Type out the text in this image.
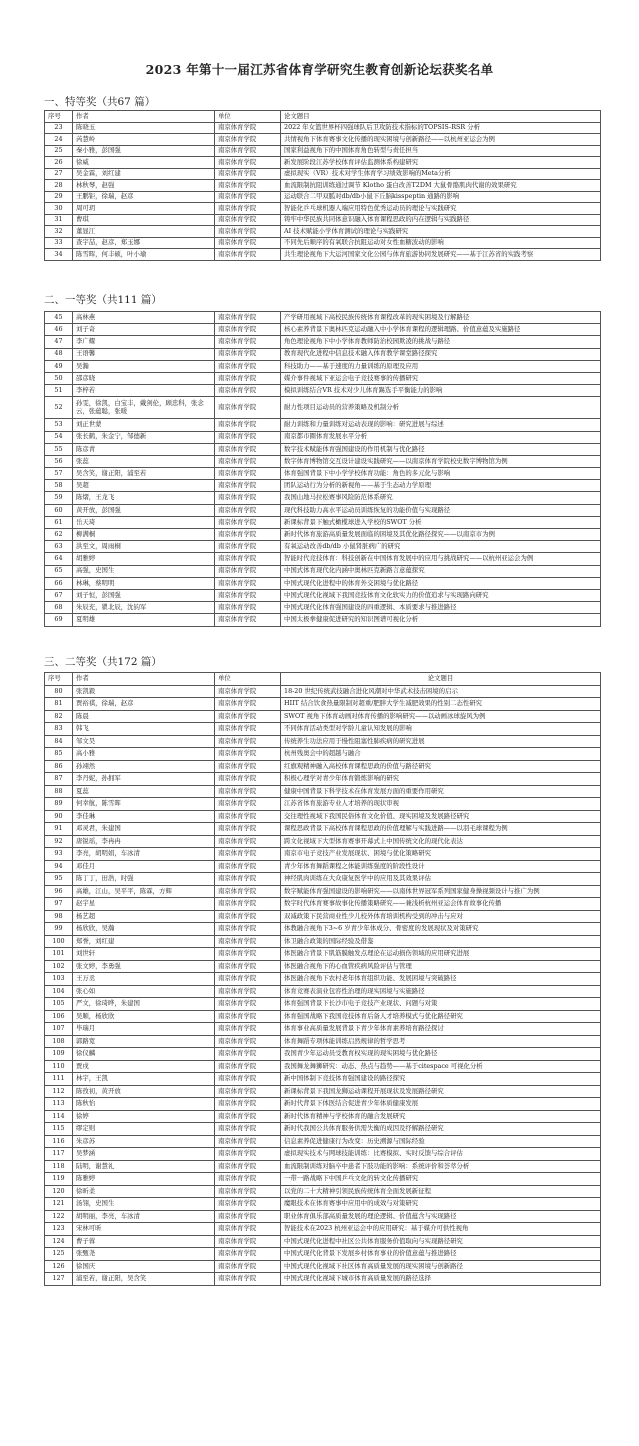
2023 年第十一届江苏省体育学研究生教育创新论坛获奖名单
一、特等奖（共67 篇）
序号	作者	单位	论文题目
23	陈晓玉	南京体育学院	2022 年女篮世界杯四强球队后卫攻防技术指标的TOPSIS-RSR 分析
24	芮慧岭	南京体育学院	共情视角下体育赛事文化传播的现实困境与创新路径——以杭州亚运会为例
25	秦小雅，彭国强	南京体育学院	国家利益视角下的中国体育角色转型与责任担当
26	徐威	南京体育学院	新发展阶段江苏学校体育评估监测体系构建研究
27	吴金霖，刘红建	南京体育学院	虚拟现实（VR）技术对学生体育学习绩效影响的Meta分析
28	林秋琴，赵强	南京体育学院	血流限制抗阻训练通过调节 Klotho 蛋白改善T2DM 大鼠骨骼肌肉代谢的效果研究
29	王鹏钜，徐瑞，赵彦	南京体育学院	运动联合二甲双胍对db/db小鼠下丘脑kisspeptin 通路的影响
30	周可玥	南京体育学院	智能化乒乓球机器人端应用特色优秀运动员的理论与实践研究
31	曹琪	南京体育学院	铸牢中华民族共同体意识融入体育课程思政的内在逻辑与实践路径
32	董显江	南京体育学院	AI 技术赋能小学体育测试的理论与实践研究
33	查宇喆，赵彦，郑玉娜	南京体育学院	不同先后顺序的有氧联合抗阻运动对女性血糖波动的影响
34	陈雪晖，何丰硕，叶小瑜	南京体育学院	共生理论视角下大运河国家文化公园与体育旅游协同发展研究——基于江苏省的实践考察
二、一等奖（共111 篇）
45	高林燕	南京体育学院	产学研用视域下高校民族传统体育课程改革的现实困境及行解路径
46	刘子奇	南京体育学院	核心素养背景下奥林匹克运动融入中小学体育课程的逻辑理路、价值意蕴及实施路径
47	李广耀	南京体育学院	角色理论视角下中小学体育教师防治校园欺凌的挑战与路径
48	王语馨	南京体育学院	教育现代化进程中信息技术融入体育教学课堂路径探究
49	吴瀚	南京体育学院	科技助力——基于速度的力量训练的原理及应用
50	邵彦晓	南京体育学院	媒介事件视域下亚运会电子竞技赛事的传播研究
51	李梓若	南京体育学院	模拟训练结合VR 技术对少儿体育踢选手平衡能力的影响
52	孙雯，徐凯，白宝丰，戴剑伦，顾忠科，张念云，张蕴聪，张暖	南京体育学院	耐力性项目运动员的营养策略及机制分析
53	刘正世蒙	南京体育学院	耐力训练和力量训练对运动表现的影响：研究进展与综述
54	张长鹤，朱金宁，邹德新	南京体育学院	南京都市圈体育发展水平分析
55	陈彦青	南京体育学院	数字技术赋能体育强国建设的作用机制与优化路径
56	张蕊	南京体育学院	数字体育博物馆交互设计建设实践研究——以南京体育学院校史数字博物馆为例
57	吴含笑，谢正阳，浦至若	南京体育学院	体育强国背景下中小学学校体育功能：角色的多元化与影响
58	吴超	南京体育学院	团队运动行为分析的新视角——基于生态动力学原理
59	陈熠，王龙飞	南京体育学院	我国山地马拉松赛事风险防范体系研究
60	黄开放，彭国强	南京体育学院	现代科技助力高水平运动员训练恢复的功能价值与实现路径
61	岳天琦	南京体育学院	新课标背景下触式橄榄球进入学校的SWOT 分析
62	柳满桐	南京体育学院	新时代体育旅游高质量发展面临的困境及其优化路径探究——以南京市为例
63	洪至文，周雨桐	南京体育学院	有氧运动改善db/db 小鼠肾脏病广的研究
64	胡雅婷	南京体育学院	智能时代竞技体育：科技创新在中国体育发展中的应用与挑战研究——以杭州亚运会为例
65	高强，史国生	南京体育学院	中国式体育现代化内涵中奥林匹克新路言意蕴探究
66	林琳，蔡明明	南京体育学院	中国式现代化进程中的体育外交困境与优化路径
67	刘子恒，彭国强	南京体育学院	中国式现代化视域下我国竞技体育文化软实力的价值追求与实现路向研究
68	朱辰充，瞿北辰，沈钧军	南京体育学院	中国式现代化体育强国建设的四重逻辑、本质要求与推进路径
69	夏明雄	南京体育学院	中国太极拳健康促进研究的知识图谱可视化分析
三、二等奖（共172 篇）
序号	作者	单位	论文题目
80	张凯毅	南京体育学院	18-20 世纪传统武技融合进化风潮对中华武术技击困境的启示
81	贾裕祺，徐瑞，赵彦	南京体育学院	HIIT 结合饮食热量限制对超重/肥胖大学生减肥效果的性别二态性研究
82	陈晨	南京体育学院	SWOT 视角下体育动画对体育传播的影响研究——以动画冰球旋风为例
83	韩飞	南京体育学院	不同体育活动类型对学龄儿童认知发展的影响
84	邹文昊	南京体育学院	传统养生功法应用于慢性阻塞性肺疾病的研究进展
85	高小雅	南京体育学院	杭州残奥会中的超越与融合
86	孙翊然	南京体育学院	红旗观精神融入高校体育课程思政的价值与路径研究
87	李丹妮，孙拥军	南京体育学院	积极心理学对青少年体育锻炼影响的研究
88	夏蕊	南京体育学院	健康中国背景下科学技术在体育发展方面的重要作用研究
89	何幸航，陈雪晖	南京体育学院	江苏省体育旅游专业人才培养的现状审视
90	李佳琳	南京体育学院	交往理性视域下我国民俗体育文化价值、现实困境及发展路径研究
91	邓灵君，朱建国	南京体育学院	课程思政背景下高校体育课程思政的价值理解与实践进路——以羽毛球课程为例
92	唐锐瑶，李冉冉	南京体育学院	跨文化视域下大型体育赛事开幕式上中国传统文化的现代化表达
93	李亮，胡明娟，车冰清	南京体育学院	南京市电子竞技产业发展现状、困境与优化策略研究
94	邓佳月	南京体育学院	青少年体育舞蹈课程之体能训练强度的阶段性设计
95	陈丁丁，田浩，时强	南京体育学院	神经肌肉训练在大众康复医学中的应用及其效果评估
96	高雄，江山，吴平平，陈霖，方辉	南京体育学院	数字赋能体育强国建设的影响研究——以南体世界冠军系列国家健身操视频设计与推广为例
97	赵宇星	南京体育学院	数字时代体育赛事故事化传播策略研究——兼浅析杭州亚运会体育故事化传播
98	杨艺超	南京体育学院	双减政策下民营商业性少儿校外体育培训机构受到的冲击与应对
99	杨欣欣，吴瀚	南京体育学院	体教融合视角下3~6 岁青少年体成分、骨密度的发展现状及对策研究
100	郑誉，刘红建	南京体育学院	体卫融合政策的国际经验及借鉴
101	刘世轩	南京体育学院	体医融合背景下肌筋膜触发点理论在运动损伤领域的应用研究进展
102	张文婷，李勇强	南京体育学院	体医融合视角下的心血管疾病风险评估与管理
103	王万丞	南京体育学院	体医融合视角下农村老年体育组织功能、发展困境与突破路径
104	张心如	南京体育学院	体育竞赛表演业包容性治理的现实困境与实施路径
105	严文，徐琦晔，朱建国	南京体育学院	体育强国背景下长沙市电子竞技产业现状、问题与对策
106	吴顺，杨欣欣	南京体育学院	体育强国战略下我国竞技体育后备人才培养模式与优化路径研究
107	毕瑞月	南京体育学院	体育事业高质量发展背景下青少年体育素养培育路径探讨
108	郭路宽	南京体育学院	体育舞蹈专项体能训练启然规律的哲学思考
109	徐仪麟	南京体育学院	我国青少年运动员受教育权实现的现实困境与优化路径
110	贾戌	南京体育学院	我国舞龙舞狮研究：动态、热点与趋势——基于citespace 可视化分析
111	林宇，王凯	南京体育学院	新中国体制下竞技体育强国建设的路径探究
112	陈孜初，黄开放	南京体育学院	新课标背景下我国龙狮运动课程开展现状及发展路径研究
113	陈秋怡	南京体育学院	新时代背景下体医结合促进青少年体质健康发展
114	徐婷	南京体育学院	新时代体育精神与学校体育的融合发展研究
115	缪定则	南京体育学院	新时代我国公共体育服务供需失衡的成因及纾解路径研究
116	朱彦苏	南京体育学院	信息素养促进健康行为改变：历史溯源与国际经验
117	吴梦涵	南京体育学院	虚拟现实技术与网球技能训练：比赛模拟、实时反馈与综合评估
118	陆明，谢慧礼	南京体育学院	血流限制训练对脑卒中患者下肢功能的影响：系统评价和荟萃分析
119	陈雅婷	南京体育学院	一带一路战略下中国乒乓文化的转文化传播研究
120	徐昕柔	南京体育学院	以党的二十大精神引领民族传统体育全面发展新征程
121	汤翎，史国生	南京体育学院	魔眼技术在体育赛事中应用中的成效与对策研究
122	胡明丽，李亮，车冰清	南京体育学院	职业体育俱乐部高质量发展的理论逻辑、价值蕴含与实现路径
123	宋林可昕	南京体育学院	智能技术在2023 杭州亚运会中的应用研究：基于媒介可供性视角
124	曹子蓉	南京体育学院	中国式现代化进程中社区公共体育服务价值取向与实现路径研究
125	张甄尧	南京体育学院	中国式现代化背景下发展乡村体育事业的价值意蕴与推进路径
126	徐国庆	南京体育学院	中国式现代化视域下社区体育高质量发展的现实困境与创新路径
127	浦至若，谢正阳，吴含笑	南京体育学院	中国式现代化视域下城市体育高质量发展的路径选择
